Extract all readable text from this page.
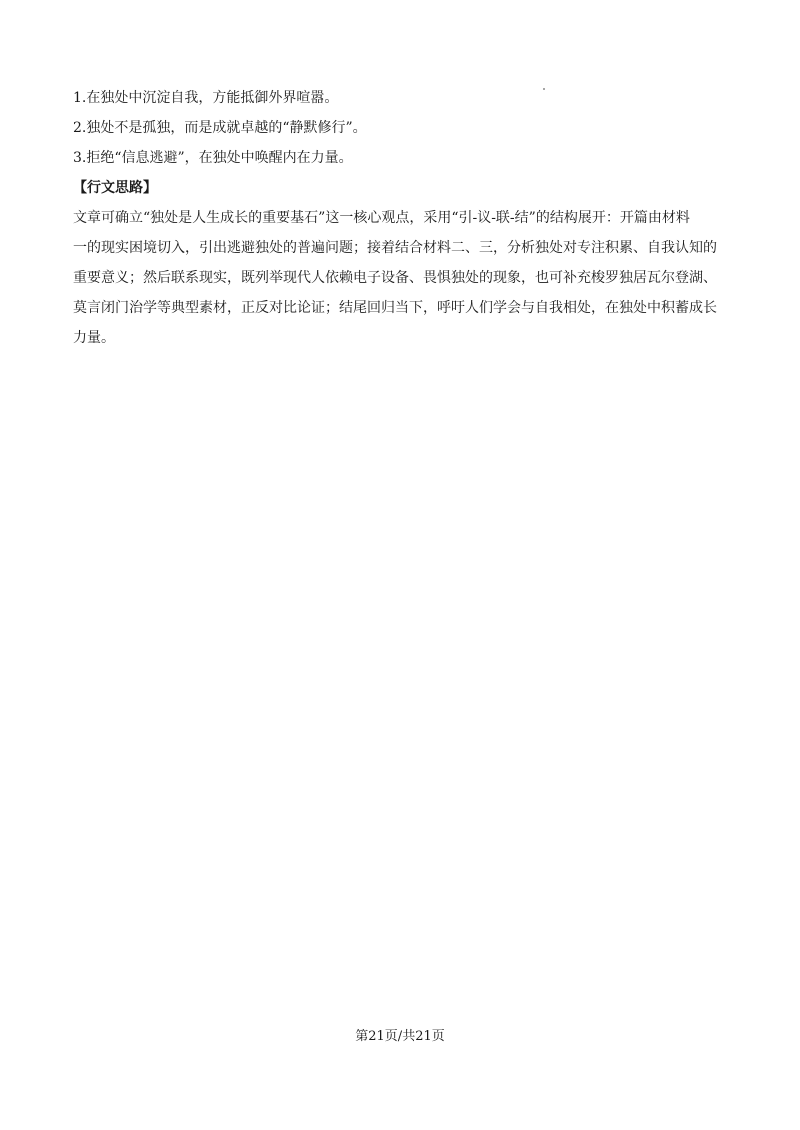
1.在独处中沉淀自我，方能抵御外界喧嚣。
2.独处不是孤独，而是成就卓越的“静默修行”。
3.拒绝“信息逃避”，在独处中唤醒内在力量。
【行文思路】
文章可确立“独处是人生成长的重要基石”这一核心观点，采用“引-议-联-结”的结构展开：开篇由材料
一的现实困境切入，引出逃避独处的普遍问题；接着结合材料二、三，分析独处对专注积累、自我认知的
重要意义；然后联系现实，既列举现代人依赖电子设备、畏惧独处的现象，也可补充梭罗独居瓦尔登湖、
莫言闭门治学等典型素材，正反对比论证；结尾回归当下，呼吁人们学会与自我相处，在独处中积蓄成长
力量。
第21页/共21页
